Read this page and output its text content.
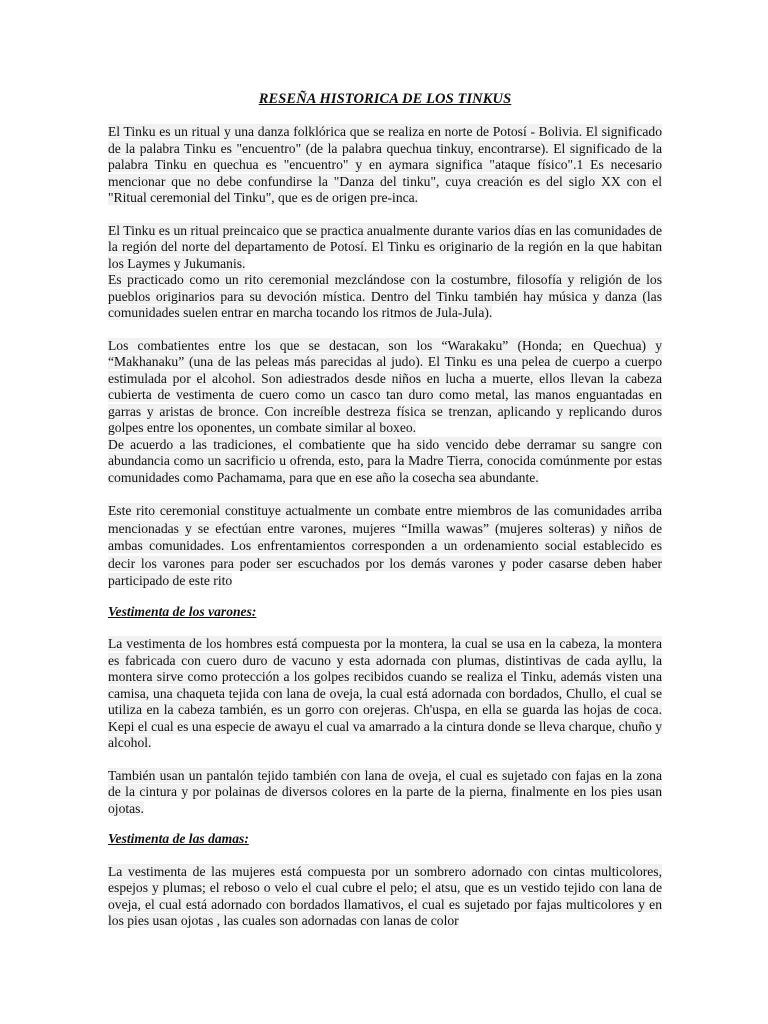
RESEÑA HISTORICA DE LOS TINKUS

El Tinku es un ritual y una danza folklórica que se realiza en norte de Potosí - Bolivia. El significado de la palabra Tinku es "encuentro" (de la palabra quechua tinkuy, encontrarse). El significado de la palabra Tinku en quechua es "encuentro" y en aymara significa "ataque físico".1 Es necesario mencionar que no debe confundirse la "Danza del tinku", cuya creación es del siglo XX con el "Ritual ceremonial del Tinku", que es de origen pre-inca.

El Tinku es un ritual preincaico que se practica anualmente durante varios días en las comunidades de la región del norte del departamento de Potosí. El Tinku es originario de la región en la que habitan los Laymes y Jukumanis.

Es practicado como un rito ceremonial mezclándose con la costumbre, filosofía y religión de los pueblos originarios para su devoción mística. Dentro del Tinku también hay música y danza (las comunidades suelen entrar en marcha tocando los ritmos de Jula-Jula).

Los combatientes entre los que se destacan, son los “Warakaku” (Honda; en Quechua) y “Makhanaku” (una de las peleas más parecidas al judo). El Tinku es una pelea de cuerpo a cuerpo estimulada por el alcohol. Son adiestrados desde niños en lucha a muerte, ellos llevan la cabeza cubierta de vestimenta de cuero como un casco tan duro como metal, las manos enguantadas en garras y aristas de bronce. Con increíble destreza física se trenzan, aplicando y replicando duros golpes entre los oponentes, un combate similar al boxeo.

De acuerdo a las tradiciones, el combatiente que ha sido vencido debe derramar su sangre con abundancia como un sacrificio u ofrenda, esto, para la Madre Tierra, conocida comúnmente por estas comunidades como Pachamama, para que en ese año la cosecha sea abundante.

Este rito ceremonial constituye actualmente un combate entre miembros de las comunidades arriba mencionadas y se efectúan entre varones, mujeres “Imilla wawas” (mujeres solteras) y niños de ambas comunidades. Los enfrentamientos corresponden a un ordenamiento social establecido es decir los varones para poder ser escuchados por los demás varones y poder casarse deben haber participado de este rito

Vestimenta de los varones:

La vestimenta de los hombres está compuesta por la montera, la cual se usa en la cabeza, la montera es fabricada con cuero duro de vacuno y esta adornada con plumas, distintivas de cada ayllu, la montera sirve como protección a los golpes recibidos cuando se realiza el Tinku, además visten una camisa, una chaqueta tejida con lana de oveja, la cual está adornada con bordados, Chullo, el cual se utiliza en la cabeza también, es un gorro con orejeras. Ch'uspa, en ella se guarda las hojas de coca. Kepi el cual es una especie de awayu el cual va amarrado a la cintura donde se lleva charque, chuño y alcohol.

También usan un pantalón tejido también con lana de oveja, el cual es sujetado con fajas en la zona de la cintura y por polainas de diversos colores en la parte de la pierna, finalmente en los pies usan ojotas.

Vestimenta de las damas:

La vestimenta de las mujeres está compuesta por un sombrero adornado con cintas multicolores, espejos y plumas; el reboso o velo el cual cubre el pelo; el atsu, que es un vestido tejido con lana de oveja, el cual está adornado con bordados llamativos, el cual es sujetado por fajas multicolores y en los pies usan ojotas , las cuales son adornadas con lanas de color
